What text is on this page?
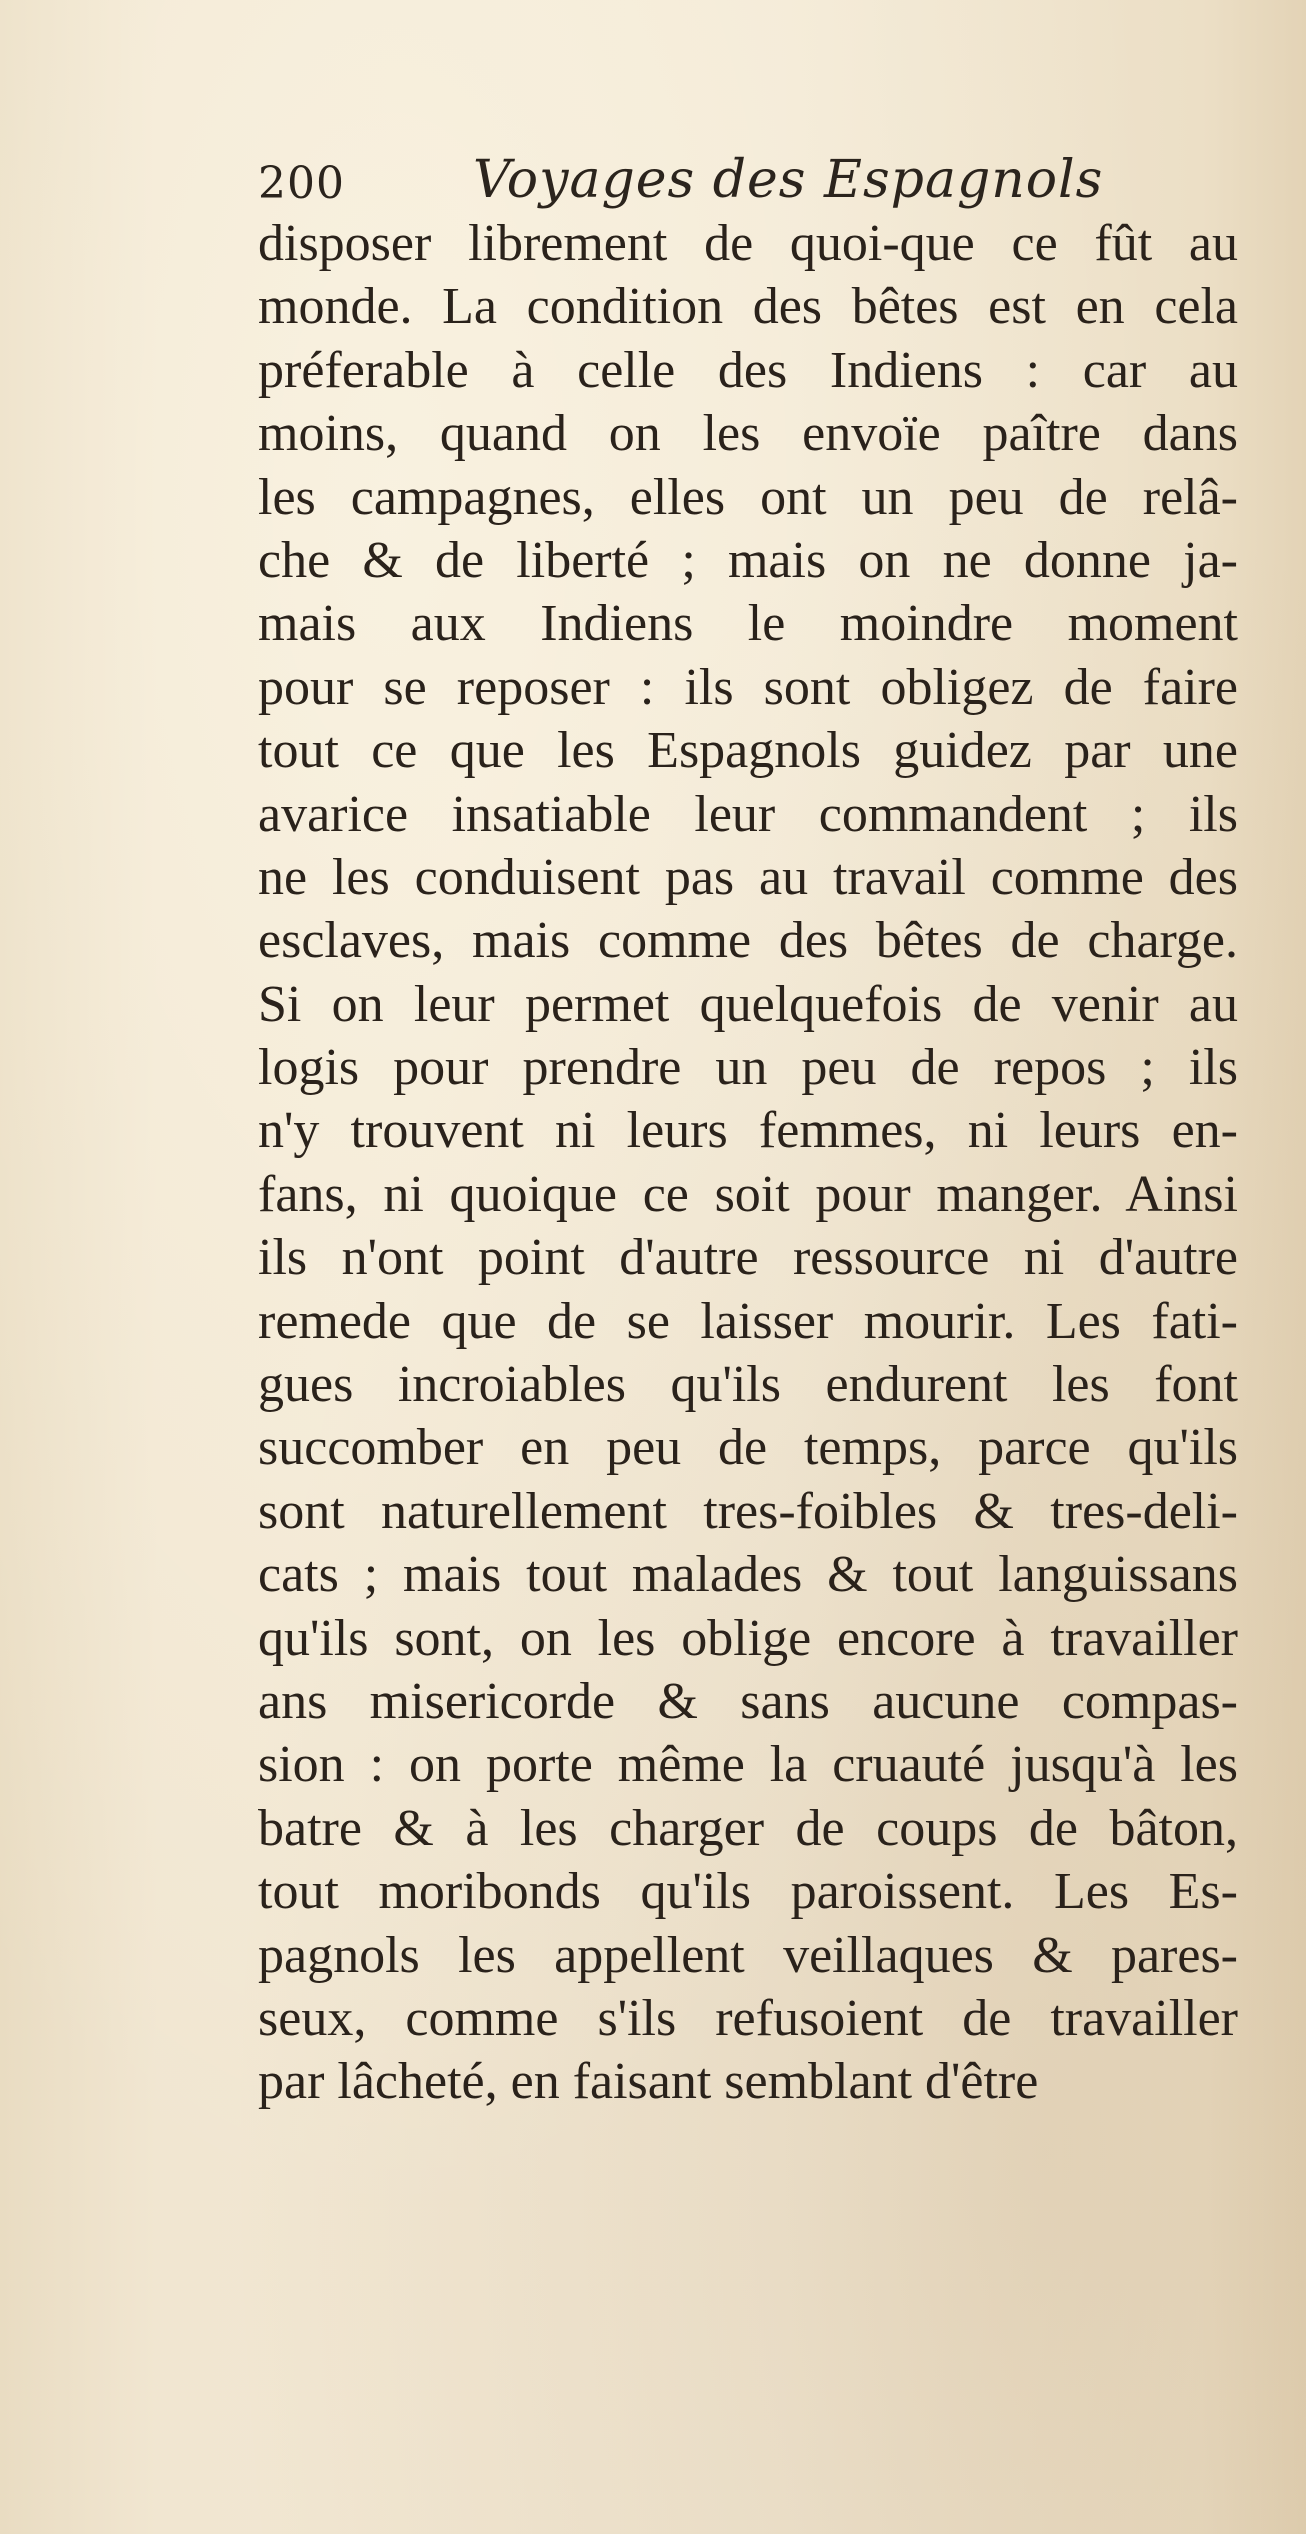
200 Voyages des Espagnols
disposer librement de quoi-que ce fût au
monde. La condition des bêtes est en cela
préferable à celle des Indiens : car au
moins, quand on les envoïe paître dans
les campagnes, elles ont un peu de relâ-
che & de liberté ; mais on ne donne ja-
mais aux Indiens le moindre moment
pour se reposer : ils sont obligez de faire
tout ce que les Espagnols guidez par une
avarice insatiable leur commandent ; ils
ne les conduisent pas au travail comme des
esclaves, mais comme des bêtes de charge.
Si on leur permet quelquefois de venir au
logis pour prendre un peu de repos ; ils
n'y trouvent ni leurs femmes, ni leurs en-
fans, ni quoique ce soit pour manger. Ainsi
ils n'ont point d'autre ressource ni d'autre
remede que de se laisser mourir. Les fati-
gues incroiables qu'ils endurent les font
succomber en peu de temps, parce qu'ils
sont naturellement tres-foibles & tres-deli-
cats ; mais tout malades & tout languissans
qu'ils sont, on les oblige encore à travailler
ans misericorde & sans aucune compas-
sion : on porte même la cruauté jusqu'à les
batre & à les charger de coups de bâton,
tout moribonds qu'ils paroissent. Les Es-
pagnols les appellent veillaques & pares-
seux, comme s'ils refusoient de travailler
par lâcheté, en faisant semblant d'être
